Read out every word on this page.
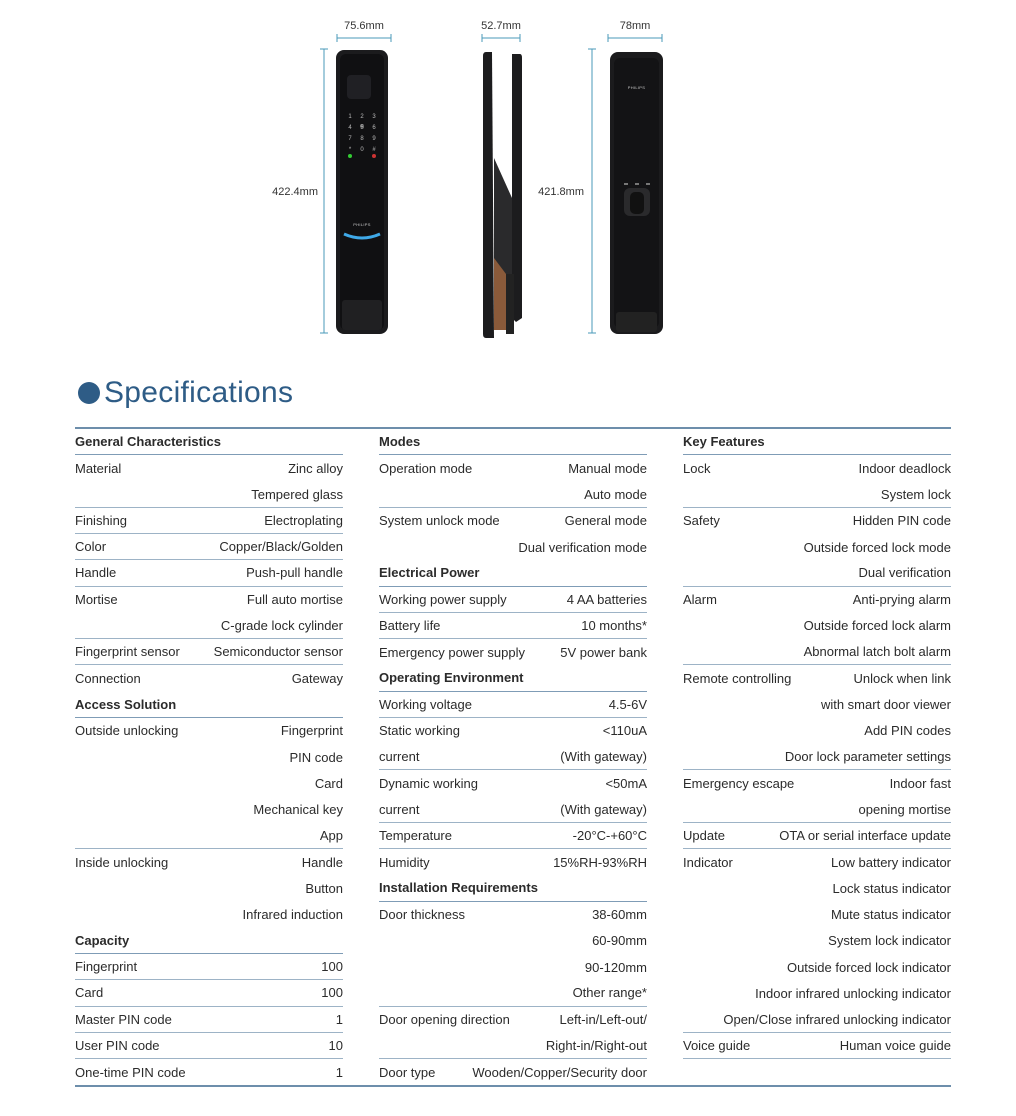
75.6mm	52.7mm	78mm
422.4mm	421.8mm
1	2	3
4	5	6
7	8	9
*	0	#
PHILIPS
PHILIPS
Specifications
General Characteristics
Material	Zinc alloy
Tempered glass
Finishing	Electroplating
Color	Copper/Black/Golden
Handle	Push-pull handle
Mortise	Full auto mortise
C-grade lock cylinder
Fingerprint sensor	Semiconductor sensor
Connection	Gateway
Access Solution
Outside unlocking	Fingerprint
PIN code
Card
Mechanical key
App
Inside unlocking	Handle
Button
Infrared induction
Capacity
Fingerprint	100
Card	100
Master PIN code	1
User PIN code	10
One-time PIN code	1
Modes
Operation mode	Manual mode
Auto mode
System unlock mode	General mode
Dual verification mode
Electrical Power
Working power supply	4 AA batteries
Battery life	10 months*
Emergency power supply	5V power bank
Operating Environment
Working voltage	4.5-6V
Static working	<110uA
current	(With gateway)
Dynamic working	<50mA
current	(With gateway)
Temperature	-20°C-+60°C
Humidity	15%RH-93%RH
Installation Requirements
Door thickness	38-60mm
60-90mm
90-120mm
Other range*
Door opening direction	Left-in/Left-out/
Right-in/Right-out
Door type	Wooden/Copper/Security door
Key Features
Lock	Indoor deadlock
System lock
Safety	Hidden PIN code
Outside forced lock mode
Dual verification
Alarm	Anti-prying alarm
Outside forced lock alarm
Abnormal latch bolt alarm
Remote controlling	Unlock when link
with smart door viewer
Add PIN codes
Door lock parameter settings
Emergency escape	Indoor fast
opening mortise
Update	OTA or serial interface update
Indicator	Low battery indicator
Lock status indicator
Mute status indicator
System lock indicator
Outside forced lock indicator
Indoor infrared unlocking indicator
Open/Close infrared unlocking indicator
Voice guide	Human voice guide
